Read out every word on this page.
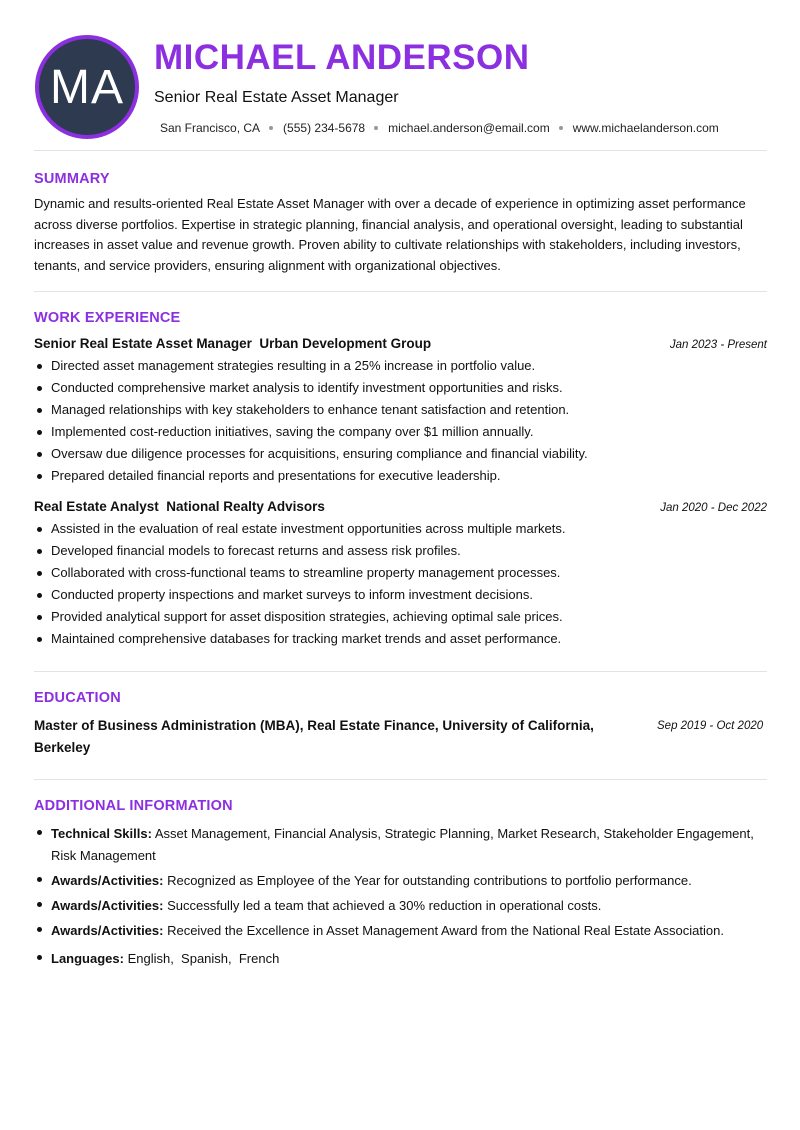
MA
MICHAEL ANDERSON
Senior Real Estate Asset Manager
San Francisco, CA (555) 234-5678 michael.anderson@email.com www.michaelanderson.com
SUMMARY

Dynamic and results-oriented Real Estate Asset Manager with over a decade of experience in optimizing asset performance across diverse portfolios. Expertise in strategic planning, financial analysis, and operational oversight, leading to substantial increases in asset value and revenue growth. Proven ability to cultivate relationships with stakeholders, including investors, tenants, and service providers, ensuring alignment with organizational objectives.

WORK EXPERIENCE
Senior Real Estate Asset Manager  Urban Development Group	Jan 2023 - Present
Directed asset management strategies resulting in a 25% increase in portfolio value.
Conducted comprehensive market analysis to identify investment opportunities and risks.
Managed relationships with key stakeholders to enhance tenant satisfaction and retention.
Implemented cost-reduction initiatives, saving the company over $1 million annually.
Oversaw due diligence processes for acquisitions, ensuring compliance and financial viability.
Prepared detailed financial reports and presentations for executive leadership.
Real Estate Analyst  National Realty Advisors	Jan 2020 - Dec 2022
Assisted in the evaluation of real estate investment opportunities across multiple markets.
Developed financial models to forecast returns and assess risk profiles.
Collaborated with cross-functional teams to streamline property management processes.
Conducted property inspections and market surveys to inform investment decisions.
Provided analytical support for asset disposition strategies, achieving optimal sale prices.
Maintained comprehensive databases for tracking market trends and asset performance.
EDUCATION
Master of Business Administration (MBA), Real Estate Finance, University of California, Berkeley
Sep 2019 - Oct 2020
ADDITIONAL INFORMATION
Technical Skills: Asset Management, Financial Analysis, Strategic Planning, Market Research, Stakeholder Engagement, Risk Management
Awards/Activities: Recognized as Employee of the Year for outstanding contributions to portfolio performance.
Awards/Activities: Successfully led a team that achieved a 30% reduction in operational costs.
Awards/Activities: Received the Excellence in Asset Management Award from the National Real Estate Association.
Languages: English,  Spanish,  French
